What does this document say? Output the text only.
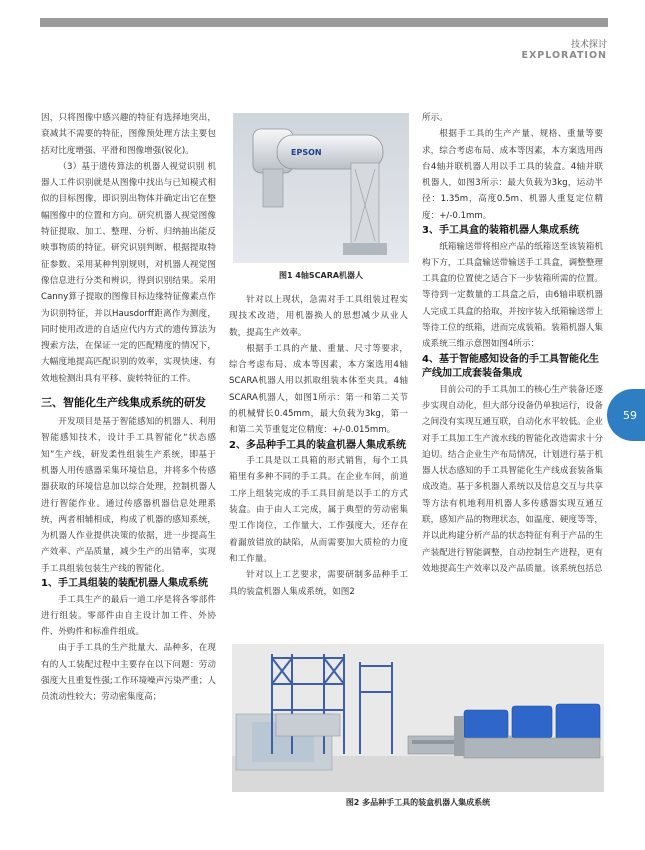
技术探讨
EXPLORATION
59

因，只将图像中感兴趣的特征有选择地突出，衰减其不需要的特征，图像预处理方法主要包括对比度增强、平滑和图像增强(锐化)。

（3）基于遗传算法的机器人视觉识别 机器人工件识别就是从图像中找出与已知模式相似的目标图像，即识别出物体并确定出它在整幅图像中的位置和方向。研究机器人视觉图像特征提取、加工、整理、分析、归纳抽出能反映事物质的特征。研究识别判断、根据提取特征参数、采用某种判别规则，对机器人视觉图像信息进行分类和辨识，得到识别结果。采用Canny算子提取的图像目标边缘特征像素点作为识别特征，并以Hausdorff距离作为测度，同时使用改进的自适应代内方式的遗传算法为搜索方法，在保证一定的匹配精度的情况下，大幅度地提高匹配识别的效率，实现快速、有效地检测出具有平移、旋转特征的工件。

三、智能化生产线集成系统的研发

开发项目是基于智能感知的机器人、利用智能感知技术，设计手工具智能化“状态感知”生产线，研发柔性组装生产系统，即基于机器人用传感器采集环境信息，并将多个传感器获取的环境信息加以综合处理，控制机器人进行智能作业。通过传感器机器信息处理系统，两者相辅相成，构成了机器的感知系统，为机器人作业提供决策的依据，进一步提高生产效率、产品质量，减少生产的出错率，实现手工具组装包装生产线的智能化。

1、手工具组装的装配机器人集成系统

手工具生产的最后一道工序是将各零部件进行组装。零部件由自主设计加工件、外协件、外购件和标准件组成。

由于手工具的生产批量大、品种多，在现有的人工装配过程中主要存在以下问题：劳动强度大且重复性强;工作环境噪声污染严重；人员流动性较大；劳动密集度高；

EPSON
图1 4轴SCARA机器人

针对以上现状，急需对手工具组装过程实现技术改造，用机器换人的思想减少从业人数，提高生产效率。

根据手工具的产量、重量、尺寸等要求，综合考虑布局、成本等因素，本方案选用4轴SCARA机器人用以抓取组装本体至夹具。4轴SCARA机器人，如图1所示：第一和第二关节的机械臂长0.45mm，最大负载为3kg，第一和第二关节重复定位精度：+/-0.015mm。

2、多品种手工具的装盒机器人集成系统

手工具是以工具箱的形式销售，每个工具箱里有多种不同的手工具。在企业车间，前道工序上组装完成的手工具目前是以手工的方式装盒。由于由人工完成，属于典型的劳动密集型工作岗位，工作量大、工作强度大，还存在着漏放错放的缺陷，从而需要加大质检的力度和工作量。

针对以上工艺要求，需要研制多品种手工具的装盒机器人集成系统，如图2

所示。

根据手工具的生产产量、规格、重量等要求，综合考虑布局、成本等因素，本方案选用西台4轴并联机器人用以手工具的装盒。4轴并联机器人，如图3所示：最大负载为3kg，运动半径：1.35m，高度0.5m、机器人重复定位精度：+/-0.1mm。

3、手工具盒的装箱机器人集成系统

纸箱输送带将相应产品的纸箱送至该装箱机构下方，工具盒输送带输送手工具盒，调整整理工具盒的位置使之适合下一步装箱所需的位置。等待到一定数量的工具盒之后，由6轴串联机器人完成工具盒的拾取，并按序装入纸箱输送带上等待工位的纸箱，进而完成装箱。装箱机器人集成系统三维示意图如图4所示：

4、基于智能感知设备的手工具智能化生产线加工成套装备集成

目前公司的手工具加工的核心生产装备还逐步实现自动化，但大部分设备仍单独运行，设备之间没有实现互通互联，自动化水平较低。企业对手工具加工生产流水线的智能化改造需求十分迫切。结合企业生产布局情况，计划进行基于机器人状态感知的手工具智能化生产线成套装备集成改造。基于多机器人系统以及信息交互与共享等方法有机地利用机器人多传感器实现互通互联，感知产品的物理状态，如温度、硬度等等，并以此构建分析产品的状态特征有利于产品的生产装配进行智能调整，自动控制生产进程，更有效地提高生产效率以及产品质量。该系统包括总

图2 多品种手工具的装盒机器人集成系统
